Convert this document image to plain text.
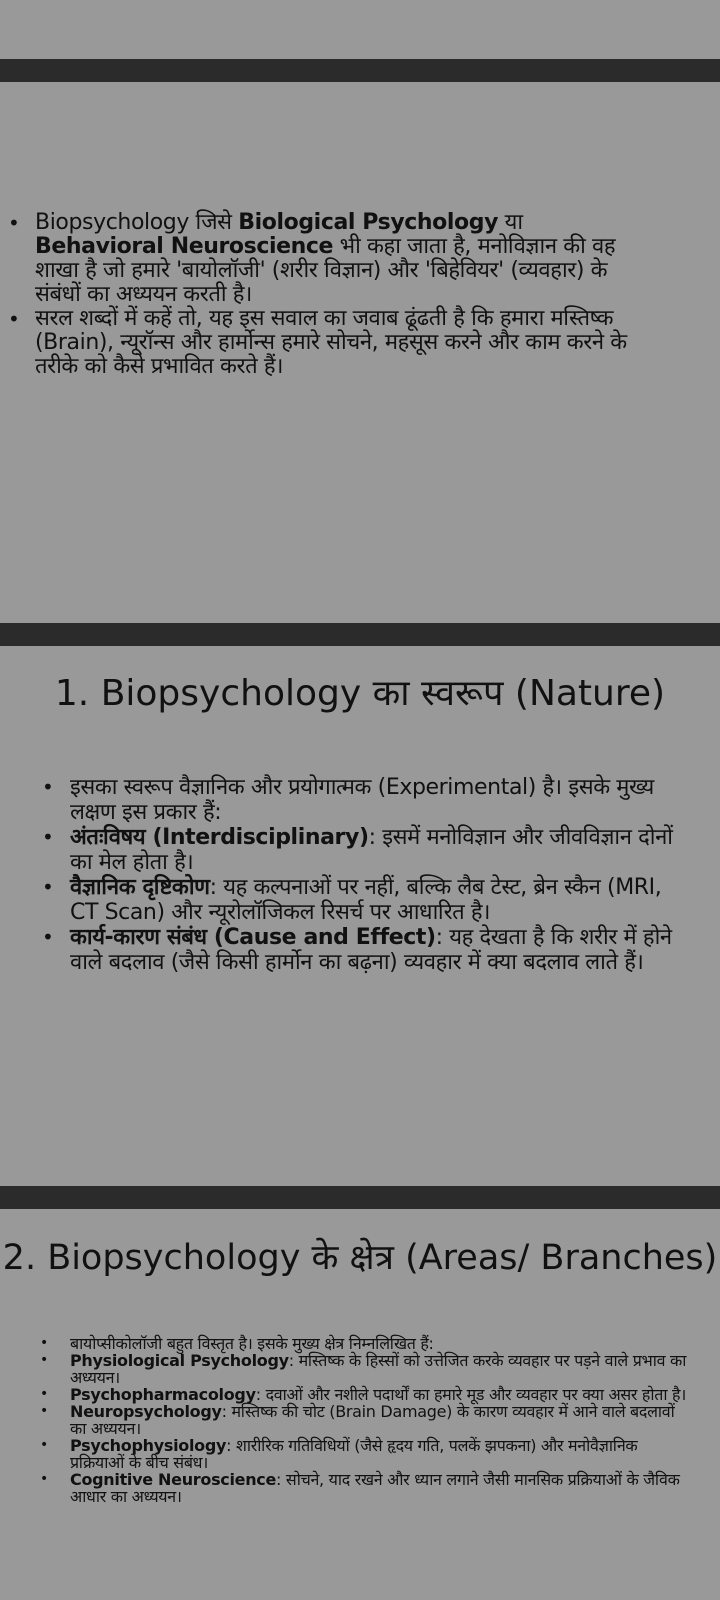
• Biopsychology जिसे Biological Psychology या Behavioral Neuroscience भी कहा जाता है, मनोविज्ञान की वह शाखा है जो हमारे 'बायोलॉजी' (शरीर विज्ञान) और 'बिहेवियर' (व्यवहार) के संबंधों का अध्ययन करती है।
• सरल शब्दों में कहें तो, यह इस सवाल का जवाब ढूंढती है कि हमारा मस्तिष्क (Brain), न्यूरॉन्स और हार्मोन्स हमारे सोचने, महसूस करने और काम करने के तरीके को कैसे प्रभावित करते हैं।
1. Biopsychology का स्वरूप (Nature)
• इसका स्वरूप वैज्ञानिक और प्रयोगात्मक (Experimental) है। इसके मुख्य लक्षण इस प्रकार हैं:
• अंतःविषय (Interdisciplinary): इसमें मनोविज्ञान और जीवविज्ञान दोनों का मेल होता है।
• वैज्ञानिक दृष्टिकोण: यह कल्पनाओं पर नहीं, बल्कि लैब टेस्ट, ब्रेन स्कैन (MRI, CT Scan) और न्यूरोलॉजिकल रिसर्च पर आधारित है।
• कार्य-कारण संबंध (Cause and Effect): यह देखता है कि शरीर में होने वाले बदलाव (जैसे किसी हार्मोन का बढ़ना) व्यवहार में क्या बदलाव लाते हैं।
2. Biopsychology के क्षेत्र (Areas/ Branches)
• बायोप्सीकोलॉजी बहुत विस्तृत है। इसके मुख्य क्षेत्र निम्नलिखित हैं:
• Physiological Psychology: मस्तिष्क के हिस्सों को उत्तेजित करके व्यवहार पर पड़ने वाले प्रभाव का अध्ययन।
• Psychopharmacology: दवाओं और नशीले पदार्थों का हमारे मूड और व्यवहार पर क्या असर होता है।
• Neuropsychology: मस्तिष्क की चोट (Brain Damage) के कारण व्यवहार में आने वाले बदलावों का अध्ययन।
• Psychophysiology: शारीरिक गतिविधियों (जैसे हृदय गति, पलकें झपकना) और मनोवैज्ञानिक प्रक्रियाओं के बीच संबंध।
• Cognitive Neuroscience: सोचने, याद रखने और ध्यान लगाने जैसी मानसिक प्रक्रियाओं के जैविक आधार का अध्ययन।
